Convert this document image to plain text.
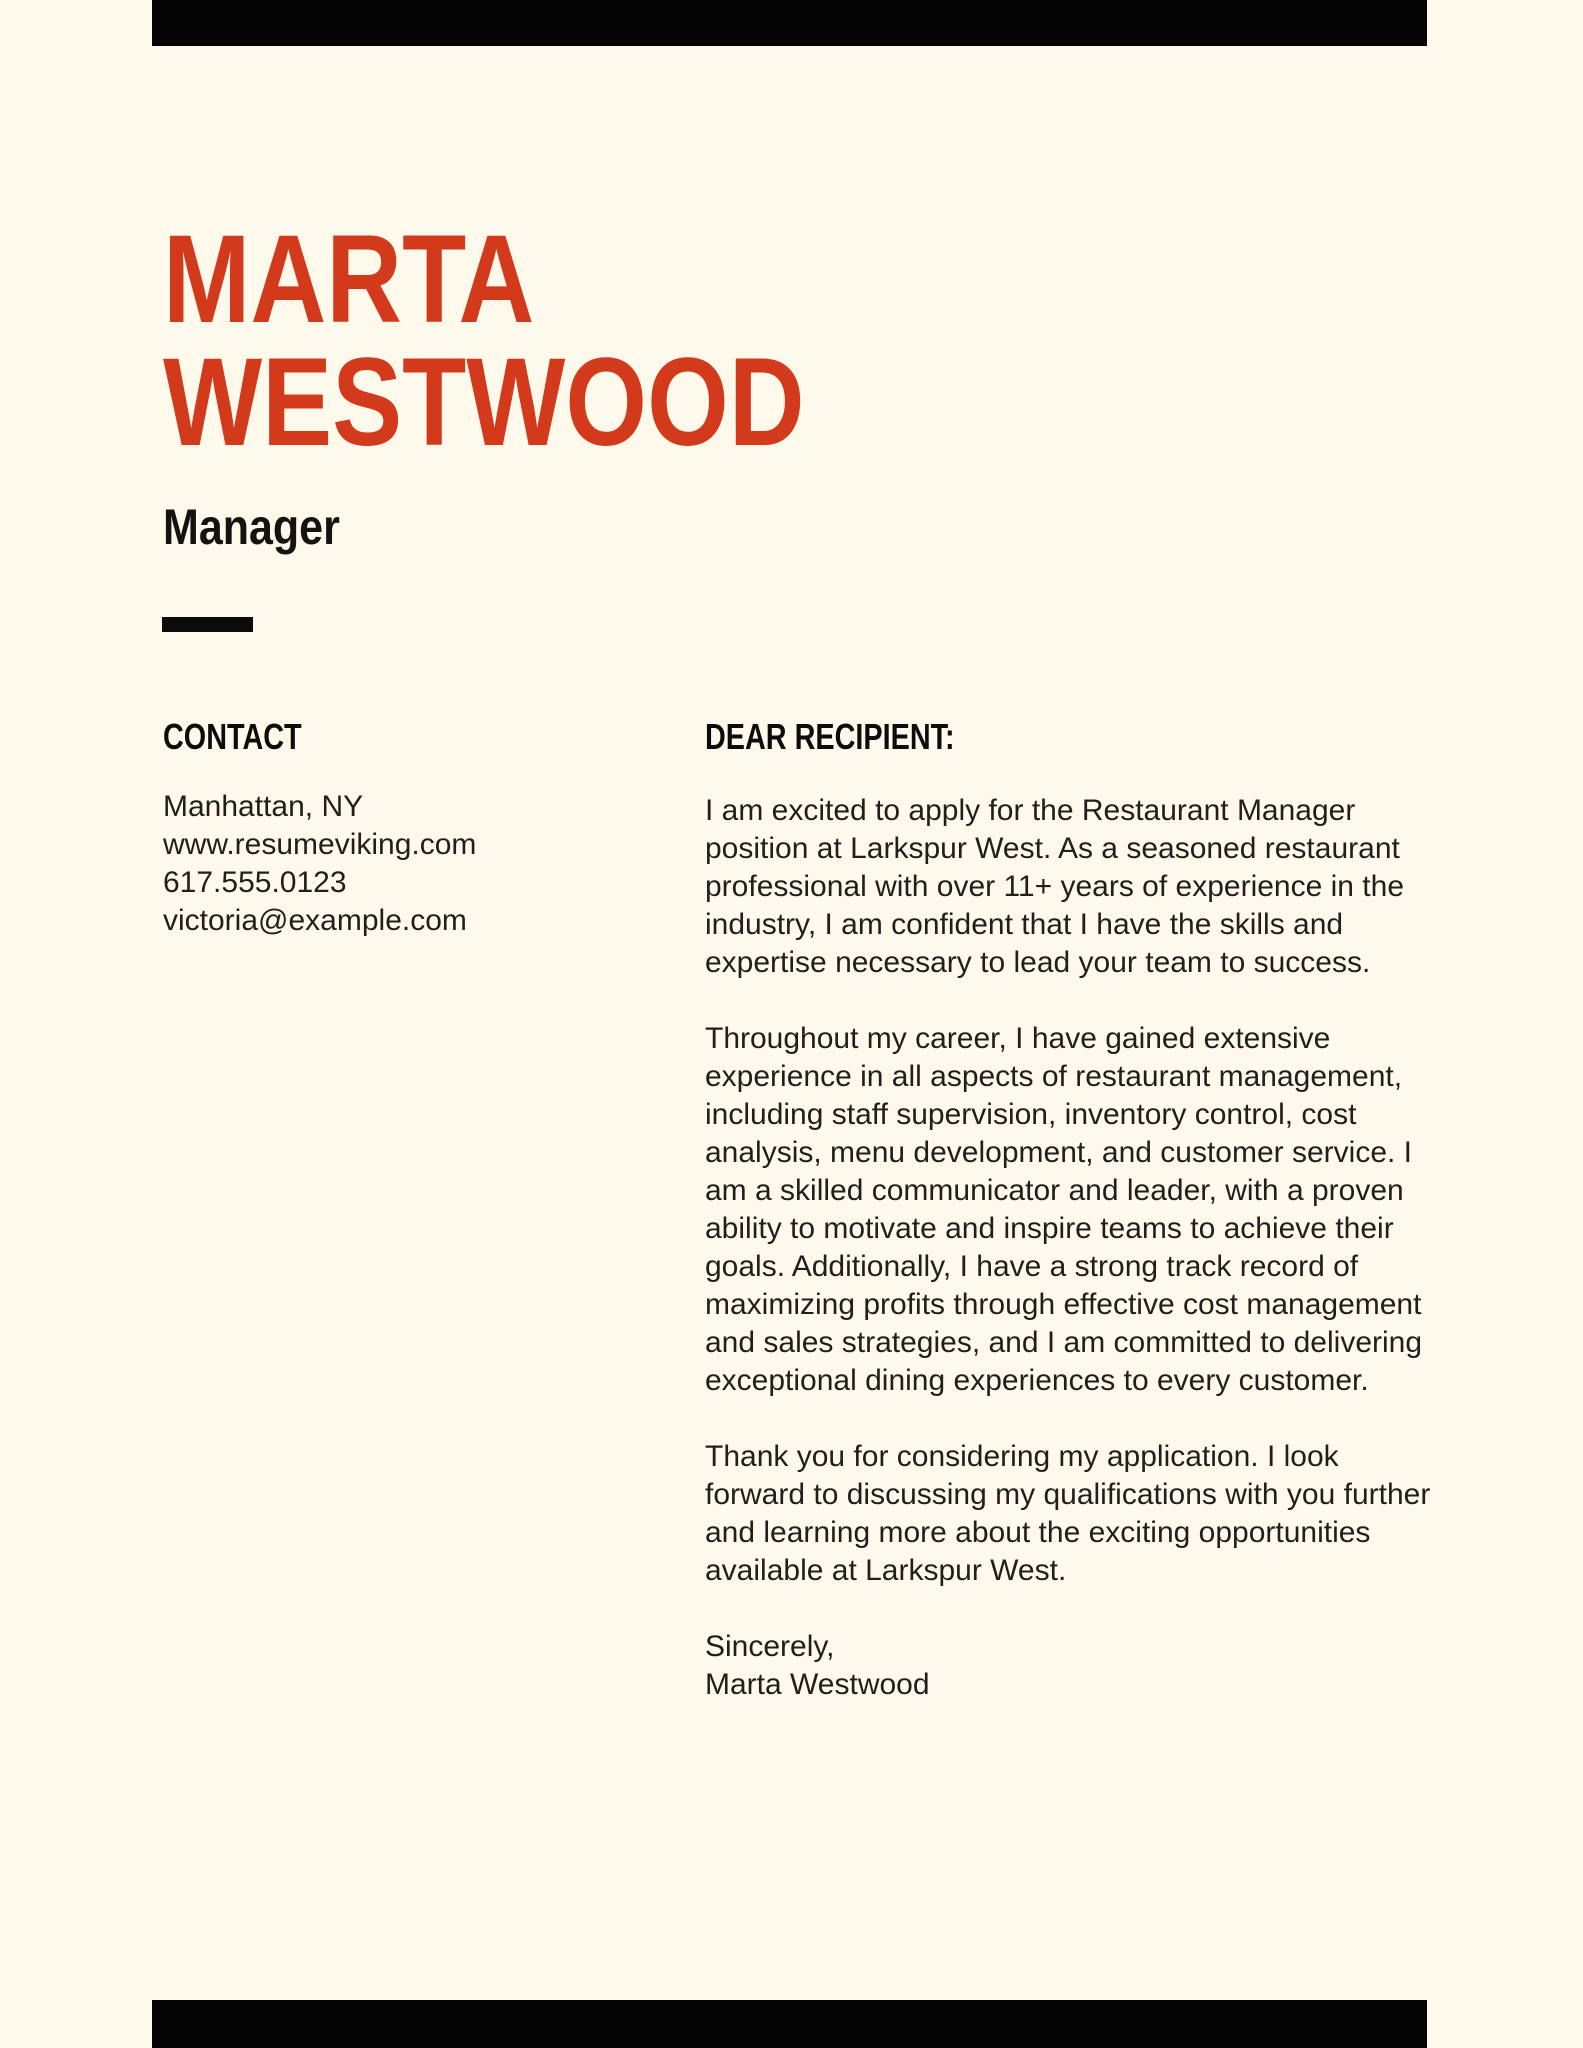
MARTA
WESTWOOD
Manager
CONTACT
Manhattan, NY
www.resumeviking.com
617.555.0123
victoria@example.com
DEAR RECIPIENT:

I am excited to apply for the Restaurant Manager position at Larkspur West. As a seasoned restaurant professional with over 11+ years of experience in the industry, I am confident that I have the skills and expertise necessary to lead your team to success.

Throughout my career, I have gained extensive experience in all aspects of restaurant management, including staff supervision, inventory control, cost analysis, menu development, and customer service. I am a skilled communicator and leader, with a proven ability to motivate and inspire teams to achieve their goals. Additionally, I have a strong track record of maximizing profits through effective cost management and sales strategies, and I am committed to delivering exceptional dining experiences to every customer.

Thank you for considering my application. I look forward to discussing my qualifications with you further and learning more about the exciting opportunities available at Larkspur West.

Sincerely,
Marta Westwood
